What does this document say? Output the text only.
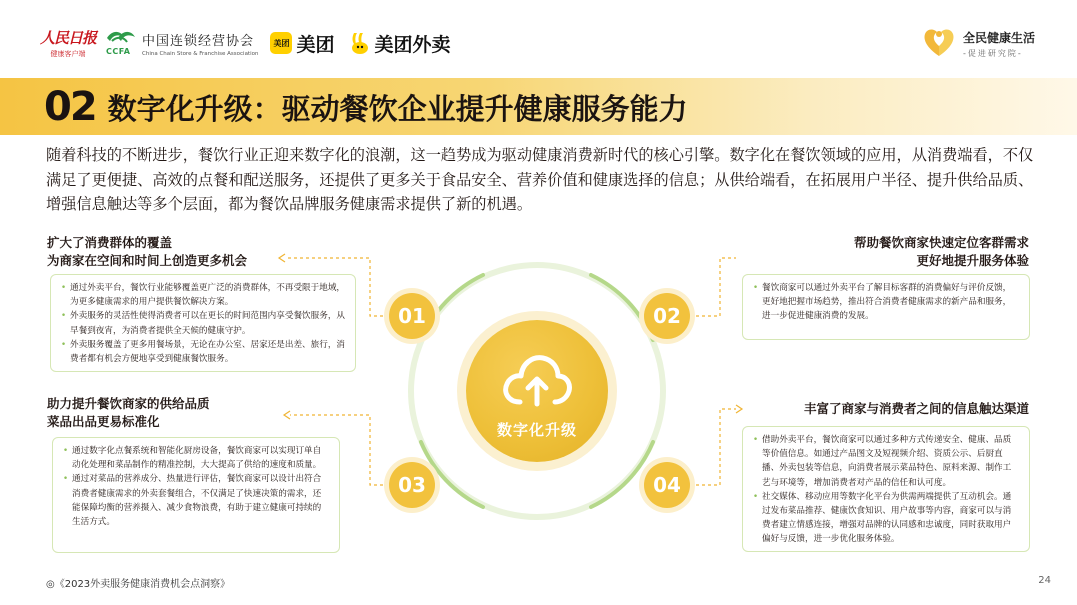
人民日报
健康客户端	CCFA
中国连锁经营协会
China Chain Store & Franchise Association
美团 美团 美团外卖	全民健康生活
-促进研究院-
02 数字化升级：驱动餐饮企业提升健康服务能力

随着科技的不断进步，餐饮行业正迎来数字化的浪潮，这一趋势成为驱动健康消费新时代的核心引擎。数字化在餐饮领域的应用，从消费端看，不仅满足了更便捷、高效的点餐和配送服务，还提供了更多关于食品安全、营养价值和健康选择的信息；从供给端看，在拓展用户半径、提升供给品质、增强信息触达等多个层面，都为餐饮品牌服务健康需求提供了新的机遇。

数字化升级
01	02
03	04
扩大了消费群体的覆盖
为商家在空间和时间上创造更多机会

• 通过外卖平台，餐饮行业能够覆盖更广泛的消费群体，不再受限于地域，为更多健康需求的用户提供餐饮解决方案。

• 外卖服务的灵活性使得消费者可以在更长的时间范围内享受餐饮服务，从早餐到夜宵，为消费者提供全天候的健康守护。

• 外卖服务覆盖了更多用餐场景，无论在办公室、居家还是出差、旅行，消费者都有机会方便地享受到健康餐饮服务。

帮助餐饮商家快速定位客群需求
更好地提升服务体验

• 餐饮商家可以通过外卖平台了解目标客群的消费偏好与评价反馈，更好地把握市场趋势，推出符合消费者健康需求的新产品和服务，进一步促进健康消费的发展。

助力提升餐饮商家的供给品质
菜品出品更易标准化

• 通过数字化点餐系统和智能化厨房设备，餐饮商家可以实现订单自动化处理和菜品制作的精准控制，大大提高了供给的速度和质量。

• 通过对菜品的营养成分、热量进行评估，餐饮商家可以设计出符合消费者健康需求的外卖套餐组合，不仅满足了快速决策的需求，还能保障均衡的营养摄入、减少食物浪费，有助于建立健康可持续的生活方式。

丰富了商家与消费者之间的信息触达渠道

• 借助外卖平台，餐饮商家可以通过多种方式传递安全、健康、品质等价值信息。如通过产品图文及短视频介绍、资质公示、后厨直播、外卖包装等信息，向消费者展示菜品特色、原料来源、制作工艺与环境等，增加消费者对产品的信任和认可度。

• 社交媒体、移动应用等数字化平台为供需两端提供了互动机会。通过发布菜品推荐、健康饮食知识、用户故事等内容，商家可以与消费者建立情感连接，增强对品牌的认同感和忠诚度，同时获取用户偏好与反馈，进一步优化服务体验。

◎《2023外卖服务健康消费机会点洞察》	24
